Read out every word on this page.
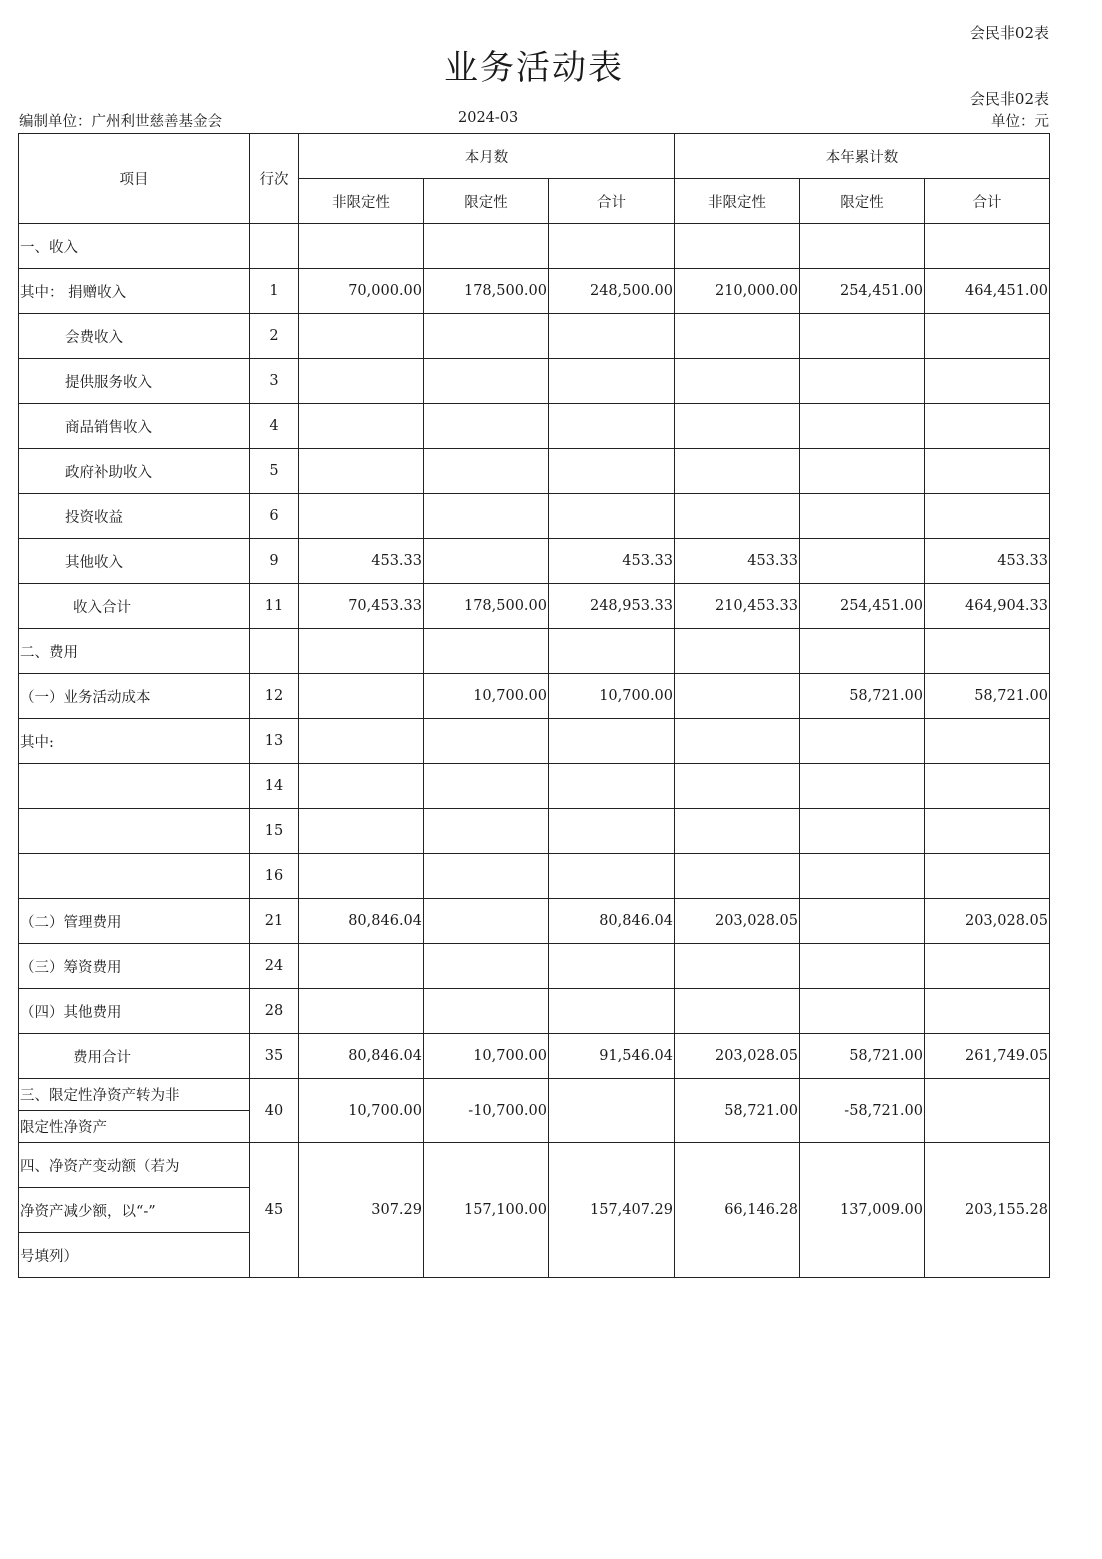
会民非02表
业务活动表
会民非02表
编制单位：广州利世慈善基金会	2024-03	单位：元
项目	行次	本月数			本年累计数		
		非限定性	限定性	合计	非限定性	限定性	合计
一、收入							
其中： 捐赠收入	1	70,000.00	178,500.00	248,500.00	210,000.00	254,451.00	464,451.00
会费收入	2						
提供服务收入	3						
商品销售收入	4						
政府补助收入	5						
投资收益	6						
其他收入	9	453.33		453.33	453.33		453.33
收入合计	11	70,453.33	178,500.00	248,953.33	210,453.33	254,451.00	464,904.33
二、费用							
（一）业务活动成本	12		10,700.00	10,700.00		58,721.00	58,721.00
其中:	13						
	14						
	15						
	16						
（二）管理费用	21	80,846.04		80,846.04	203,028.05		203,028.05
（三）筹资费用	24						
（四）其他费用	28						
费用合计	35	80,846.04	10,700.00	91,546.04	203,028.05	58,721.00	261,749.05
三、限定性净资产转为非	40	10,700.00	-10,700.00		58,721.00	-58,721.00	
限定性净资产							
四、净资产变动额（若为	45	307.29	157,100.00	157,407.29	66,146.28	137,009.00	203,155.28
净资产减少额，以“-”							
号填列）							
